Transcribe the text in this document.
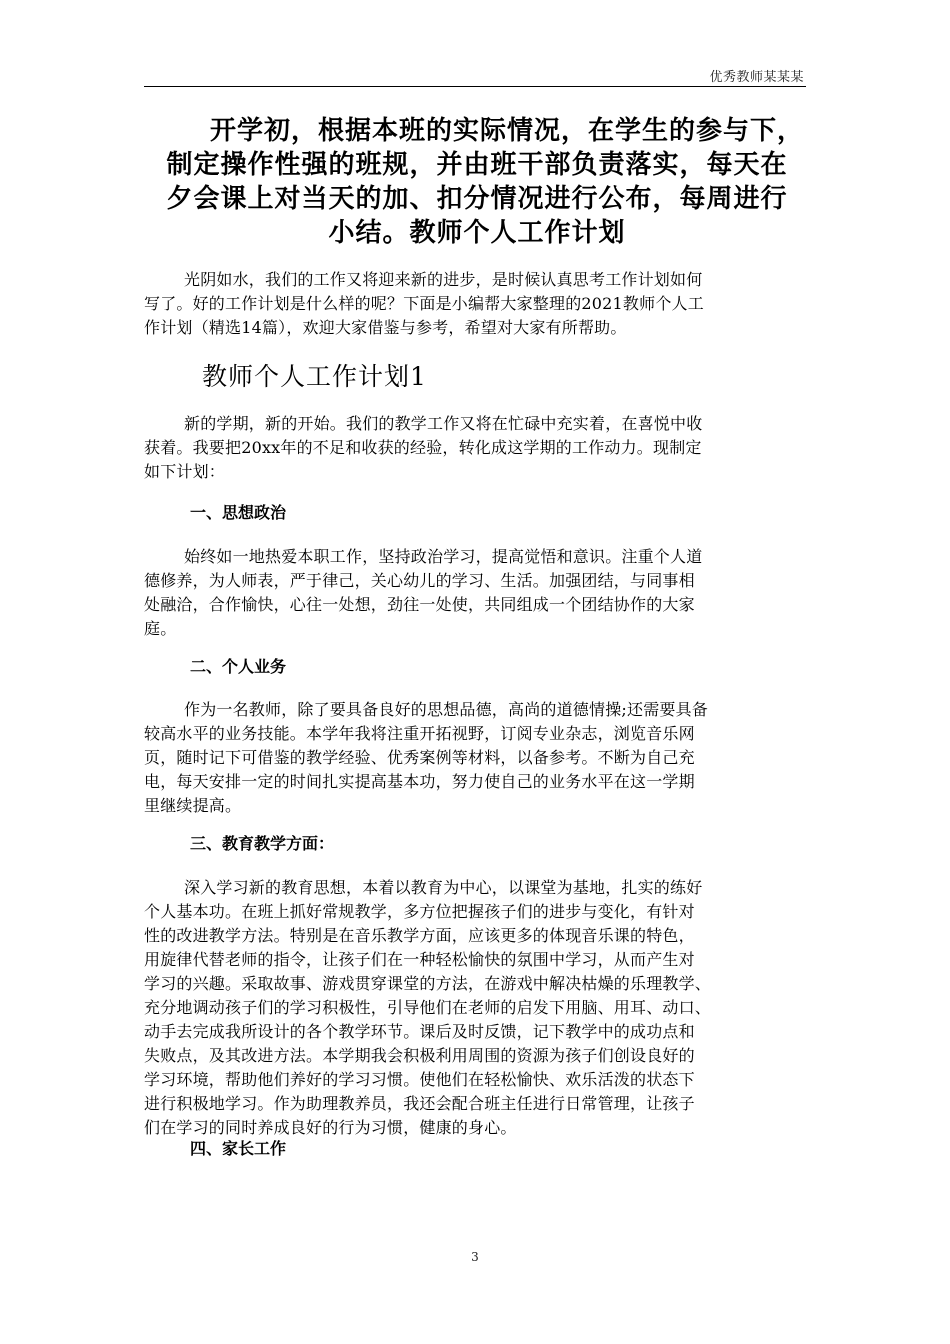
优秀教师某某某
开学初，根据本班的实际情况，在学生的参与下，
制定操作性强的班规，并由班干部负责落实，每天在
夕会课上对当天的加、扣分情况进行公布，每周进行
小结。教师个人工作计划

光阴如水，我们的工作又将迎来新的进步，是时候认真思考工作计划如何
写了。好的工作计划是什么样的呢？下面是小编帮大家整理的2021教师个人工
作计划（精选14篇），欢迎大家借鉴与参考，希望对大家有所帮助。

教师个人工作计划1

新的学期，新的开始。我们的教学工作又将在忙碌中充实着，在喜悦中收
获着。我要把20xx年的不足和收获的经验，转化成这学期的工作动力。现制定
如下计划：

一、思想政治

始终如一地热爱本职工作，坚持政治学习，提高觉悟和意识。注重个人道
德修养，为人师表，严于律己，关心幼儿的学习、生活。加强团结，与同事相
处融洽，合作愉快，心往一处想，劲往一处使，共同组成一个团结协作的大家
庭。

二、个人业务

作为一名教师，除了要具备良好的思想品德，高尚的道德情操;还需要具备
较高水平的业务技能。本学年我将注重开拓视野，订阅专业杂志，浏览音乐网
页，随时记下可借鉴的教学经验、优秀案例等材料，以备参考。不断为自己充
电，每天安排一定的时间扎实提高基本功，努力使自己的业务水平在这一学期
里继续提高。

三、教育教学方面：

深入学习新的教育思想，本着以教育为中心，以课堂为基地，扎实的练好
个人基本功。在班上抓好常规教学，多方位把握孩子们的进步与变化，有针对
性的改进教学方法。特别是在音乐教学方面，应该更多的体现音乐课的特色，
用旋律代替老师的指令，让孩子们在一种轻松愉快的氛围中学习，从而产生对
学习的兴趣。采取故事、游戏贯穿课堂的方法，在游戏中解决枯燥的乐理教学、
充分地调动孩子们的学习积极性，引导他们在老师的启发下用脑、用耳、动口、
动手去完成我所设计的各个教学环节。课后及时反馈，记下教学中的成功点和
失败点，及其改进方法。本学期我会积极利用周围的资源为孩子们创设良好的
学习环境，帮助他们养好的学习习惯。使他们在轻松愉快、欢乐活泼的状态下
进行积极地学习。作为助理教养员，我还会配合班主任进行日常管理，让孩子
们在学习的同时养成良好的行为习惯，健康的身心。

四、家长工作
3
